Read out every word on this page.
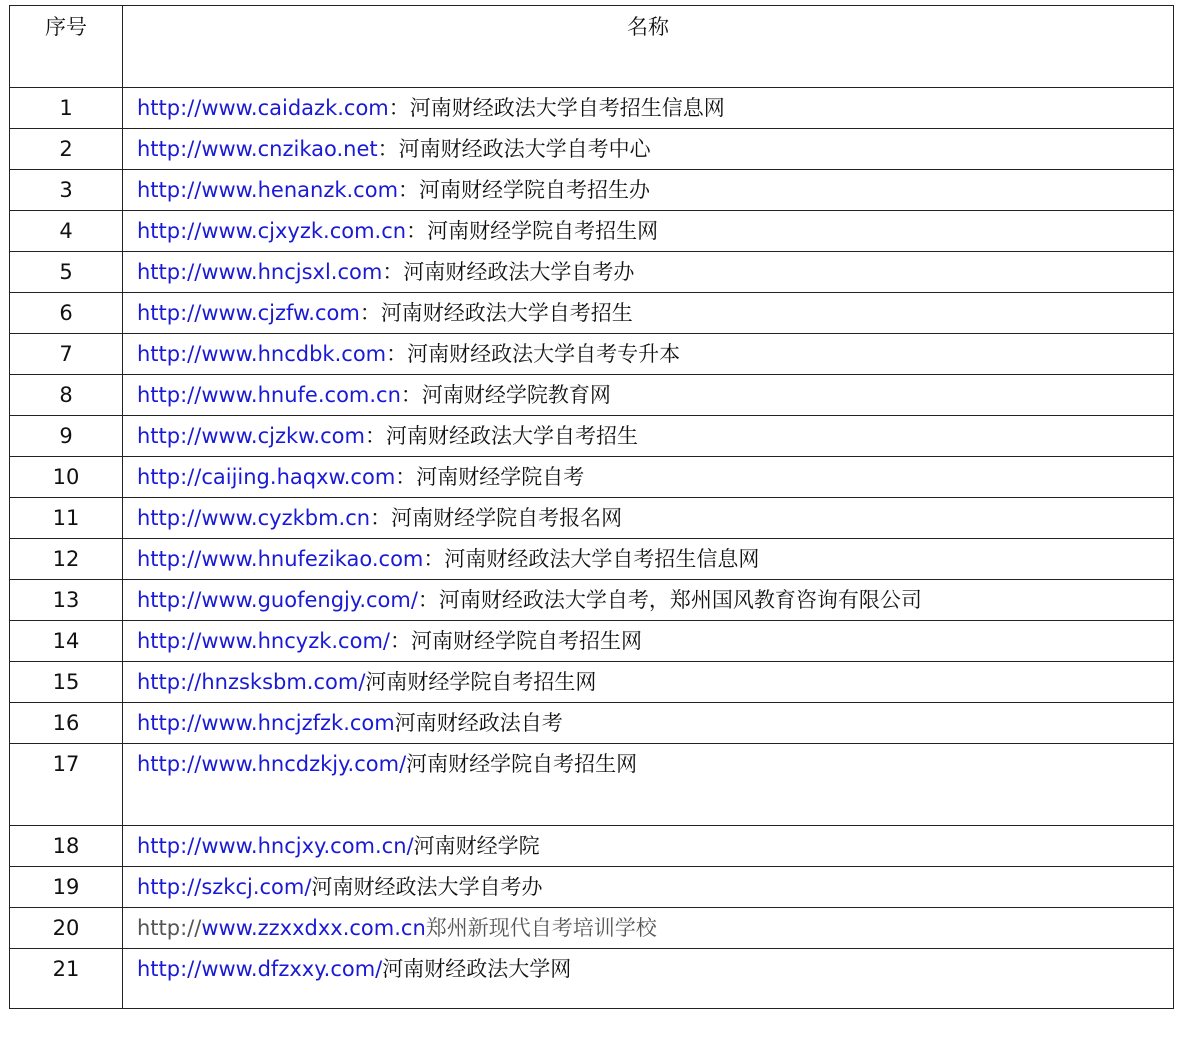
序号	名称
1	http://www.caidazk.com：河南财经政法大学自考招生信息网
2	http://www.cnzikao.net：河南财经政法大学自考中心
3	http://www.henanzk.com：河南财经学院自考招生办
4	http://www.cjxyzk.com.cn：河南财经学院自考招生网
5	http://www.hncjsxl.com：河南财经政法大学自考办
6	http://www.cjzfw.com：河南财经政法大学自考招生
7	http://www.hncdbk.com：河南财经政法大学自考专升本
8	http://www.hnufe.com.cn：河南财经学院教育网
9	http://www.cjzkw.com：河南财经政法大学自考招生
10	http://caijing.haqxw.com：河南财经学院自考
11	http://www.cyzkbm.cn：河南财经学院自考报名网
12	http://www.hnufezikao.com：河南财经政法大学自考招生信息网
13	http://www.guofengjy.com/：河南财经政法大学自考，郑州国风教育咨询有限公司
14	http://www.hncyzk.com/：河南财经学院自考招生网
15	http://hnzsksbm.com/河南财经学院自考招生网
16	http://www.hncjzfzk.com河南财经政法自考
17	http://www.hncdzkjy.com/河南财经学院自考招生网
18	http://www.hncjxy.com.cn/河南财经学院
19	http://szkcj.com/河南财经政法大学自考办
20	http://www.zzxxdxx.com.cn郑州新现代自考培训学校
21	http://www.dfzxxy.com/河南财经政法大学网
